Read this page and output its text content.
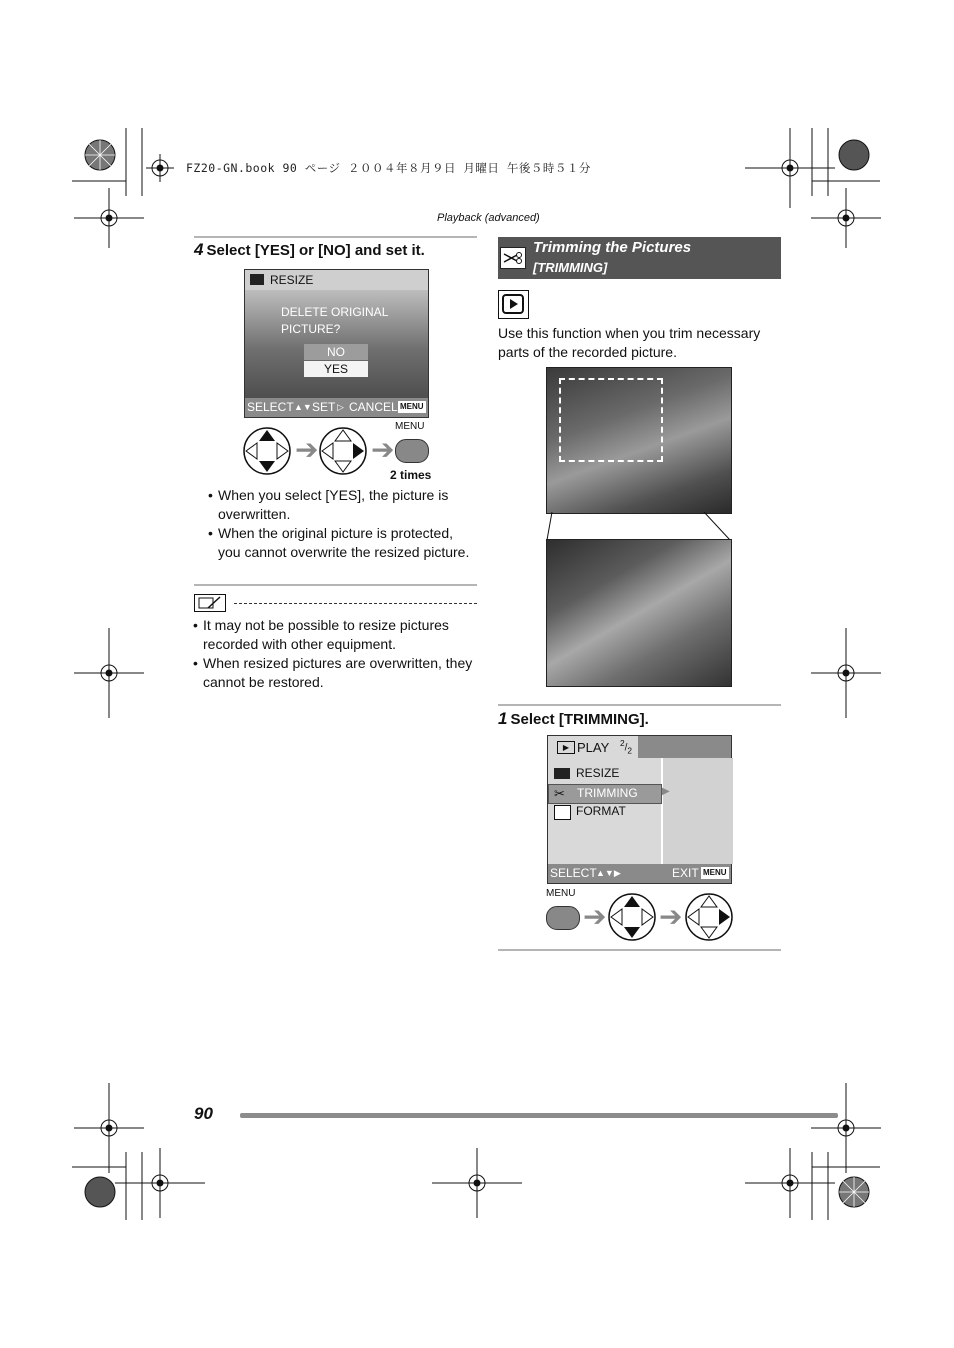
FZ20-GN.book 90 ページ ２００４年８月９日 月曜日 午後５時５１分
Playback (advanced)
4 Select [YES] or [NO] and set it.
RESIZE
DELETE ORIGINAL
PICTURE?
NO
YES
SELECT ▲▼ SET ▷ CANCEL MENU
➔ ➔
MENU
2 times
• When you select [YES], the picture is overwritten.
• When the original picture is protected, you cannot overwrite the resized picture.
• It may not be possible to resize pictures recorded with other equipment.
• When resized pictures are overwritten, they cannot be restored.
Trimming the Pictures
[TRIMMING]
Use this function when you trim necessary parts of the recorded picture.
1 Select [TRIMMING].
▶ PLAY $^2/_2$
RESIZE
✂ TRIMMING ▶
FORMAT
SELECT ▲▼▶	EXIT MENU
MENU
➔ ➔
90
